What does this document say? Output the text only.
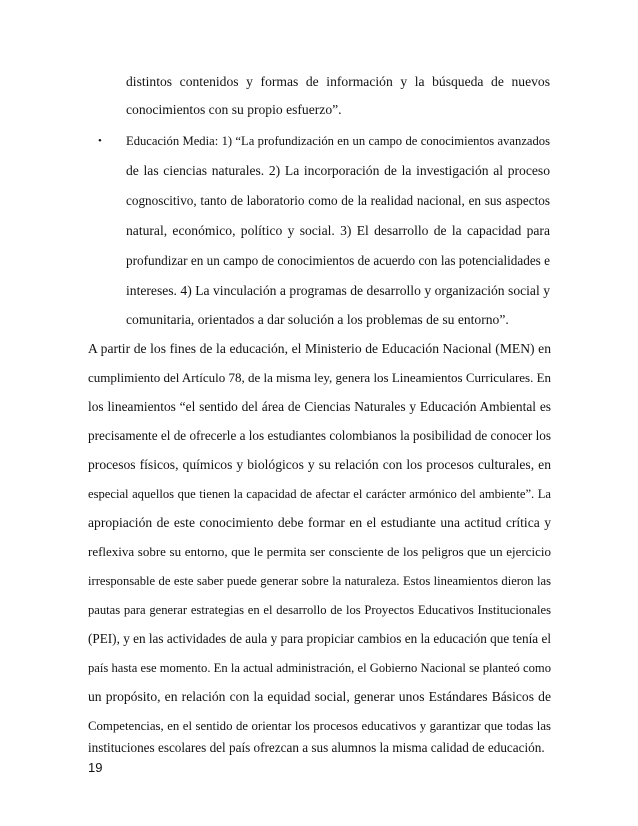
distintos contenidos y formas de información y la búsqueda de nuevos
conocimientos con su propio esfuerzo”.
• Educación Media: 1) “La profundización en un campo de conocimientos avanzados
de las ciencias naturales. 2) La incorporación de la investigación al proceso
cognoscitivo, tanto de laboratorio como de la realidad nacional, en sus aspectos
natural, económico, político y social. 3) El desarrollo de la capacidad para
profundizar en un campo de conocimientos de acuerdo con las potencialidades e
intereses. 4) La vinculación a programas de desarrollo y organización social y
comunitaria, orientados a dar solución a los problemas de su entorno”.
A partir de los fines de la educación, el Ministerio de Educación Nacional (MEN) en
cumplimiento del Artículo 78, de la misma ley, genera los Lineamientos Curriculares. En
los lineamientos “el sentido del área de Ciencias Naturales y Educación Ambiental es
precisamente el de ofrecerle a los estudiantes colombianos la posibilidad de conocer los
procesos físicos, químicos y biológicos y su relación con los procesos culturales, en
especial aquellos que tienen la capacidad de afectar el carácter armónico del ambiente”. La
apropiación de este conocimiento debe formar en el estudiante una actitud crítica y
reflexiva sobre su entorno, que le permita ser consciente de los peligros que un ejercicio
irresponsable de este saber puede generar sobre la naturaleza. Estos lineamientos dieron las
pautas para generar estrategias en el desarrollo de los Proyectos Educativos Institucionales
(PEI), y en las actividades de aula y para propiciar cambios en la educación que tenía el
país hasta ese momento. En la actual administración, el Gobierno Nacional se planteó como
un propósito, en relación con la equidad social, generar unos Estándares Básicos de
Competencias, en el sentido de orientar los procesos educativos y garantizar que todas las
instituciones escolares del país ofrezcan a sus alumnos la misma calidad de educación.
19
